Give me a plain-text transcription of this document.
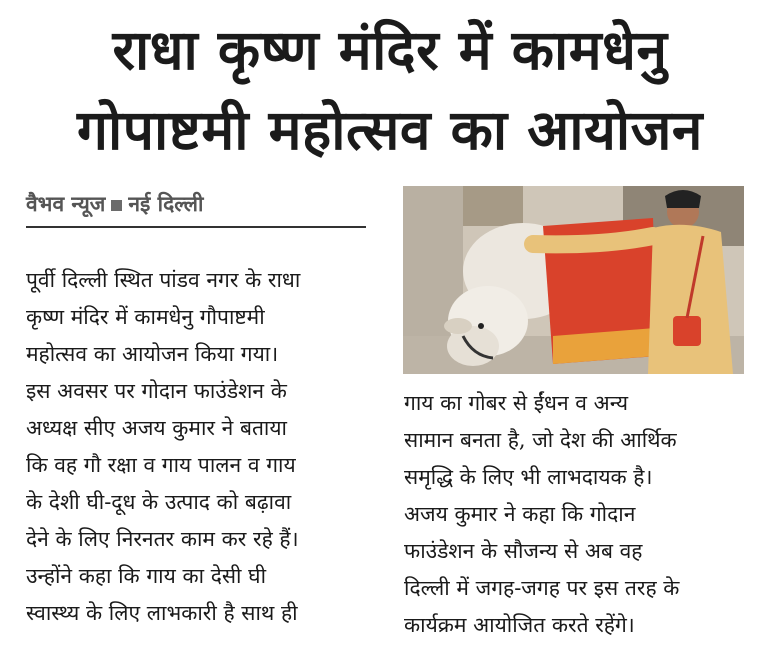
राधा कृष्ण मंदिर में कामधेनु
गोपाष्टमी महोत्सव का आयोजन
वैभव न्यूज नई दिल्ली
पूर्वी दिल्ली स्थित पांडव नगर के राधा
कृष्ण मंदिर में कामधेनु गौपाष्टमी
महोत्सव का आयोजन किया गया।
इस अवसर पर गोदान फाउंडेशन के
अध्यक्ष सीए अजय कुमार ने बताया
कि वह गौ रक्षा व गाय पालन व गाय
के देशी घी-दूध के उत्पाद को बढ़ावा
देने के लिए निरनतर काम कर रहे हैं।
उन्होंने कहा कि गाय का देसी घी
स्वास्थ्य के लिए लाभकारी है साथ ही
गाय का गोबर से ईंधन व अन्य
सामान बनता है, जो देश की आर्थिक
समृद्धि के लिए भी लाभदायक है।
अजय कुमार ने कहा कि गोदान
फाउंडेशन के सौजन्य से अब वह
दिल्ली में जगह-जगह पर इस तरह के
कार्यक्रम आयोजित करते रहेंगे।
